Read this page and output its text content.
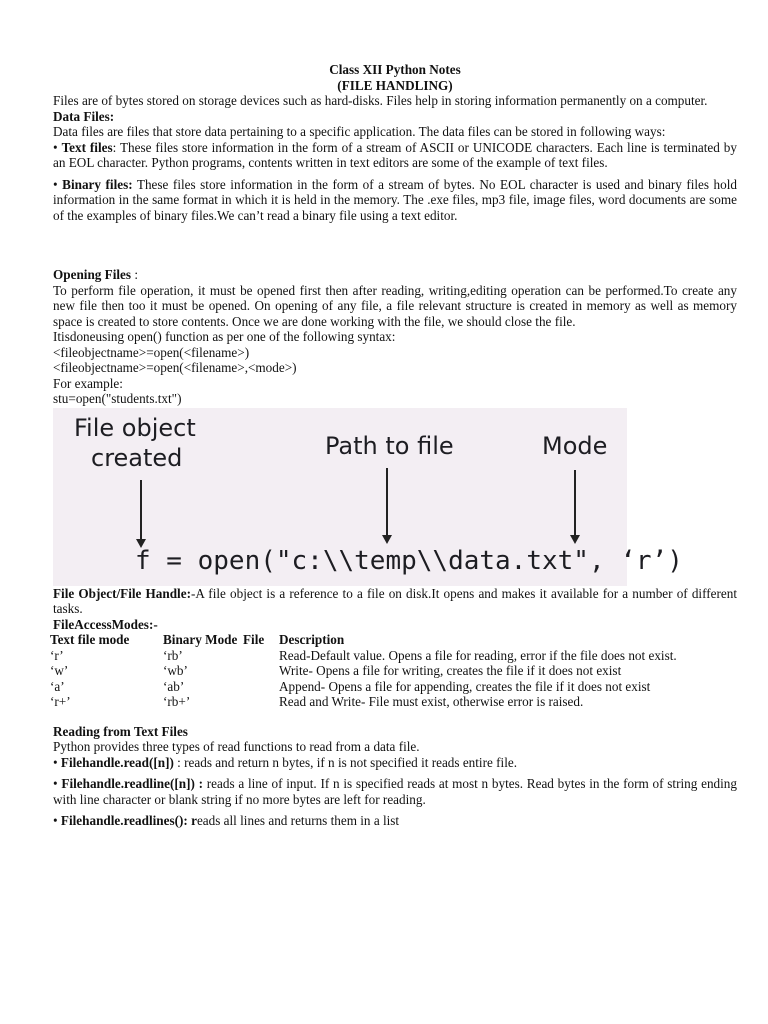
Class XII Python Notes

(FILE HANDLING)

Files are of bytes stored on storage devices such as hard-disks. Files help in storing information permanently on a computer.

Data Files:

Data files are files that store data pertaining to a specific application. The data files can be stored in following ways:

• Text files: These files store information in the form of a stream of ASCII or UNICODE characters. Each line is terminated by an EOL character. Python programs, contents written in text editors are some of the example of text files.

• Binary files: These files store information in the form of a stream of bytes. No EOL character is used and binary files hold information in the same format in which it is held in the memory. The .exe files, mp3 file, image files, word documents are some of the examples of binary files.We can’t read a binary file using a text editor.

Opening Files :

To perform file operation, it must be opened first then after reading, writing,editing operation can be performed.To create any new file then too it must be opened. On opening of any file, a file relevant structure is created in memory as well as memory space is created to store contents. Once we are done working with the file, we should close the file.

Itisdoneusing open() function as per one of the following syntax:

<fileobjectname>=open(<filename>)

<fileobjectname>=open(<filename>,<mode>)

For example:

stu=open("students.txt")

File object
created	Path to file	Mode
f = open("c:\\temp\\data.txt", ‘r’)

File Object/File Handle:-A file object is a reference to a file on disk.It opens and makes it available for a number of different tasks.

FileAccessModes:-

Text file mode	Binary Mode	File	Description
‘r’	‘rb’		Read-Default value. Opens a file for reading, error if the file does not exist.
‘w’	‘wb’		Write- Opens a file for writing, creates the file if it does not exist
‘a’	‘ab’		Append- Opens a file for appending, creates the file if it does not exist
‘r+’	‘rb+’		Read and Write- File must exist, otherwise error is raised.

Reading from Text Files

Python provides three types of read functions to read from a data file.

• Filehandle.read([n]) : reads and return n bytes, if n is not specified it reads entire file.

• Filehandle.readline([n]) : reads a line of input. If n is specified reads at most n bytes. Read bytes in the form of string ending with line character or blank string if no more bytes are left for reading.

• Filehandle.readlines(): reads all lines and returns them in a list
